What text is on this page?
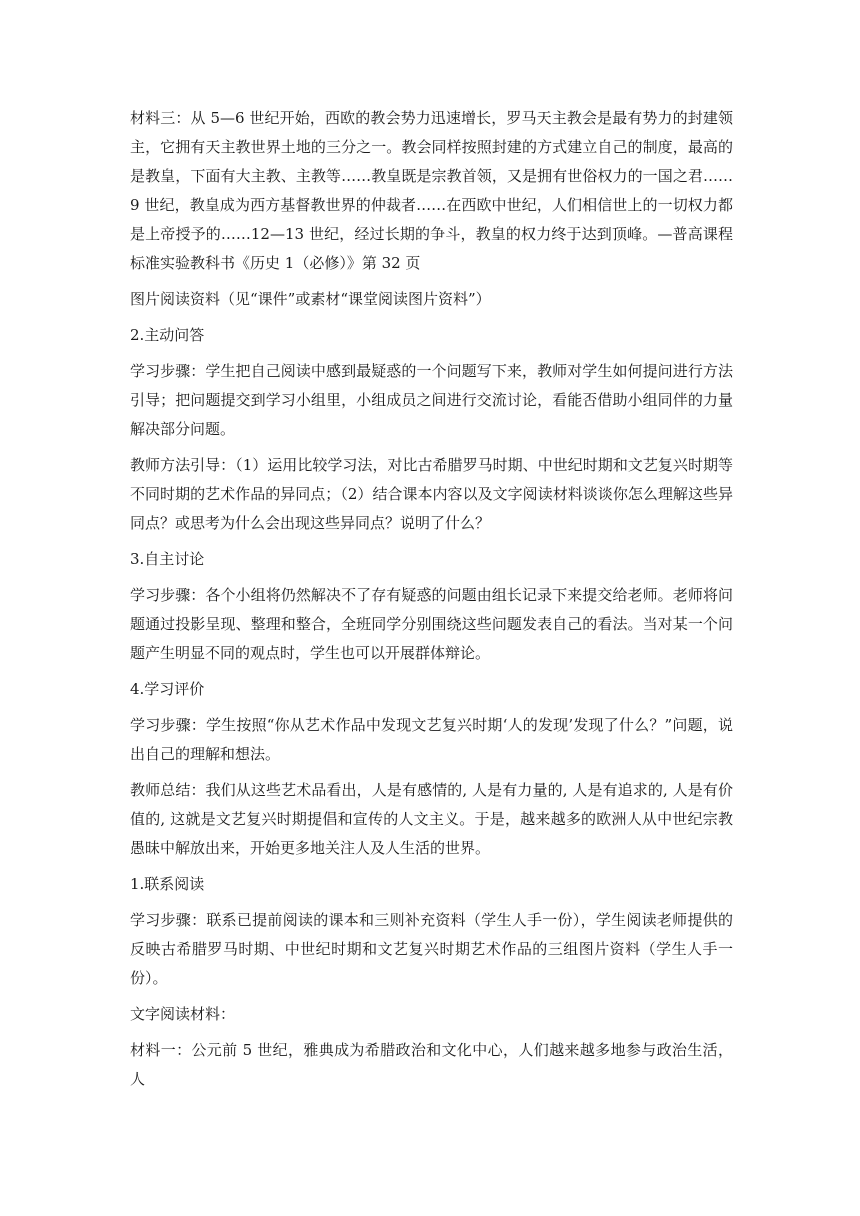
材料三：从 5—6 世纪开始，西欧的教会势力迅速增长，罗马天主教会是最有势力的封建领主，它拥有天主教世界土地的三分之一。教会同样按照封建的方式建立自己的制度，最高的是教皇，下面有大主教、主教等……教皇既是宗教首领，又是拥有世俗权力的一国之君……9 世纪，教皇成为西方基督教世界的仲裁者……在西欧中世纪，人们相信世上的一切权力都是上帝授予的……12—13 世纪，经过长期的争斗，教皇的权力终于达到顶峰。—普高课程标准实验教科书《历史 1（必修）》第 32 页

图片阅读资料（见“课件”或素材“课堂阅读图片资料”）

2.主动问答

学习步骤：学生把自己阅读中感到最疑惑的一个问题写下来，教师对学生如何提问进行方法引导；把问题提交到学习小组里，小组成员之间进行交流讨论，看能否借助小组同伴的力量解决部分问题。

教师方法引导：（1）运用比较学习法，对比古希腊罗马时期、中世纪时期和文艺复兴时期等不同时期的艺术作品的异同点；（2）结合课本内容以及文字阅读材料谈谈你怎么理解这些异同点？或思考为什么会出现这些异同点？说明了什么？

3.自主讨论

学习步骤：各个小组将仍然解决不了存有疑惑的问题由组长记录下来提交给老师。老师将问题通过投影呈现、整理和整合，全班同学分别围绕这些问题发表自己的看法。当对某一个问题产生明显不同的观点时，学生也可以开展群体辩论。

4.学习评价

学习步骤：学生按照“你从艺术作品中发现文艺复兴时期‘人的发现’发现了什么？”问题，说出自己的理解和想法。

教师总结：我们从这些艺术品看出，人是有感情的, 人是有力量的, 人是有追求的, 人是有价值的, 这就是文艺复兴时期提倡和宣传的人文主义。于是，越来越多的欧洲人从中世纪宗教愚昧中解放出来，开始更多地关注人及人生活的世界。

1.联系阅读

学习步骤：联系已提前阅读的课本和三则补充资料（学生人手一份），学生阅读老师提供的反映古希腊罗马时期、中世纪时期和文艺复兴时期艺术作品的三组图片资料（学生人手一份）。

文字阅读材料：

材料一：公元前 5 世纪，雅典成为希腊政治和文化中心，人们越来越多地参与政治生活，人
